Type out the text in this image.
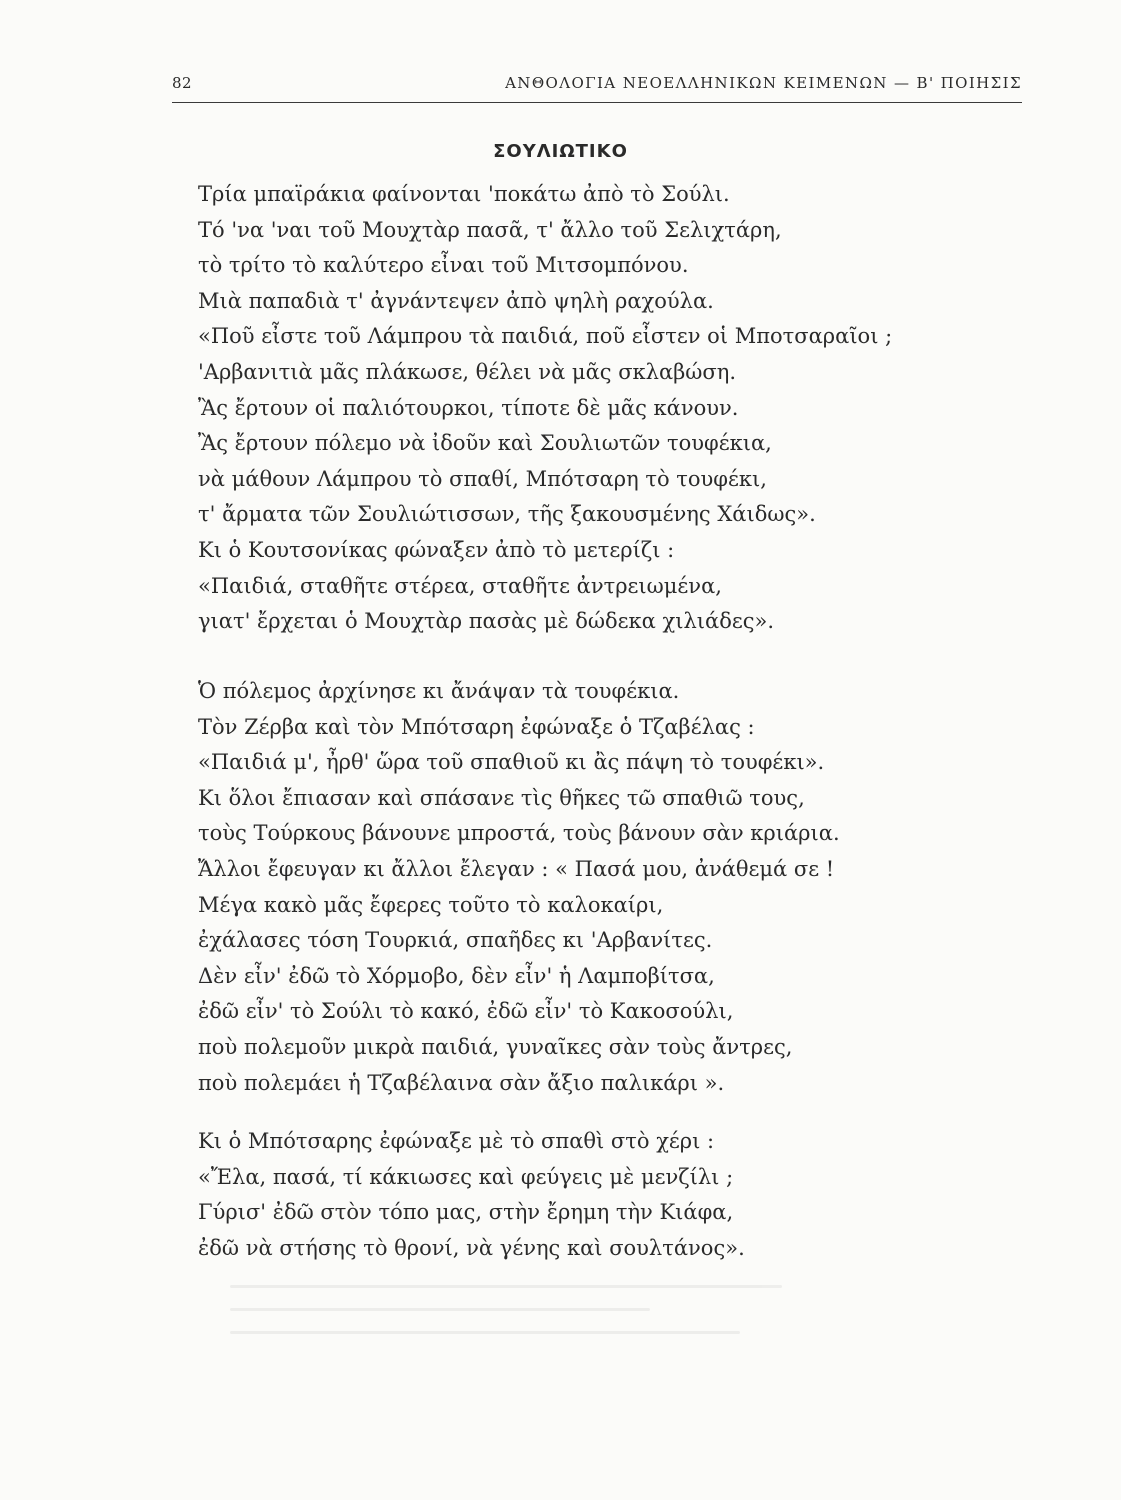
82	ΑΝΘΟΛΟΓΙΑ ΝΕΟΕΛΛΗΝΙΚΩΝ ΚΕΙΜΕΝΩΝ — Β' ΠΟΙΗΣΙΣ
ΣΟΥΛΙΩΤΙΚΟ
Τρία μπαϊράκια φαίνονται 'ποκάτω ἀπὸ τὸ Σούλι.
Τό 'να 'ναι τοῦ Μουχτὰρ πασᾶ, τ' ἄλλο τοῦ Σελιχτάρη,
τὸ τρίτο τὸ καλύτερο εἶναι τοῦ Μιτσομπόνου.
Μιὰ παπαδιὰ τ' ἀγνάντεψεν ἀπὸ ψηλὴ ραχούλα.
«Ποῦ εἶστε τοῦ Λάμπρου τὰ παιδιά, ποῦ εἶστεν οἱ Μποτσαραῖοι ;
'Αρβανιτιὰ μᾶς πλάκωσε, θέλει νὰ μᾶς σκλαβώση.
Ἂς ἔρτουν οἱ παλιότουρκοι, τίποτε δὲ μᾶς κάνουν.
Ἂς ἔρτουν πόλεμο νὰ ἰδοῦν καὶ Σουλιωτῶν τουφέκια,
νὰ μάθουν Λάμπρου τὸ σπαθί, Μπότσαρη τὸ τουφέκι,
τ' ἄρματα τῶν Σουλιώτισσων, τῆς ξακουσμένης Χάιδως».
Κι ὁ Κουτσονίκας φώναξεν ἀπὸ τὸ μετερίζι :
«Παιδιά, σταθῆτε στέρεα, σταθῆτε ἀντρειωμένα,
γιατ' ἔρχεται ὁ Μουχτὰρ πασὰς μὲ δώδεκα χιλιάδες».
Ὁ πόλεμος ἀρχίνησε κι ἄνάψαν τὰ τουφέκια.
Τὸν Ζέρβα καὶ τὸν Μπότσαρη ἐφώναξε ὁ Τζαβέλας :
«Παιδιά μ', ἦρθ' ὥρα τοῦ σπαθιοῦ κι ἂς πάψη τὸ τουφέκι».
Κι ὅλοι ἔπιασαν καὶ σπάσανε τὶς θῆκες τῶ σπαθιῶ τους,
τοὺς Τούρκους βάνουνε μπροστά, τοὺς βάνουν σὰν κριάρια.
Ἄλλοι ἔφευγαν κι ἄλλοι ἔλεγαν : « Πασά μου, ἀνάθεμά σε !
Μέγα κακὸ μᾶς ἔφερες τοῦτο τὸ καλοκαίρι,
ἐχάλασες τόση Τουρκιά, σπαῆδες κι 'Αρβανίτες.
Δὲν εἶν' ἐδῶ τὸ Χόρμοβο, δὲν εἶν' ἡ Λαμποβίτσα,
ἐδῶ εἶν' τὸ Σούλι τὸ κακό, ἐδῶ εἶν' τὸ Κακοσούλι,
ποὺ πολεμοῦν μικρὰ παιδιά, γυναῖκες σὰν τοὺς ἄντρες,
ποὺ πολεμάει ἡ Τζαβέλαινα σὰν ἄξιο παλικάρι ».
Κι ὁ Μπότσαρης ἐφώναξε μὲ τὸ σπαθὶ στὸ χέρι :
«Ἔλα, πασά, τί κάκιωσες καὶ φεύγεις μὲ μενζίλι ;
Γύρισ' ἐδῶ στὸν τόπο μας, στὴν ἔρημη τὴν Κιάφα,
ἐδῶ νὰ στήσης τὸ θρονί, νὰ γένης καὶ σουλτάνος».
